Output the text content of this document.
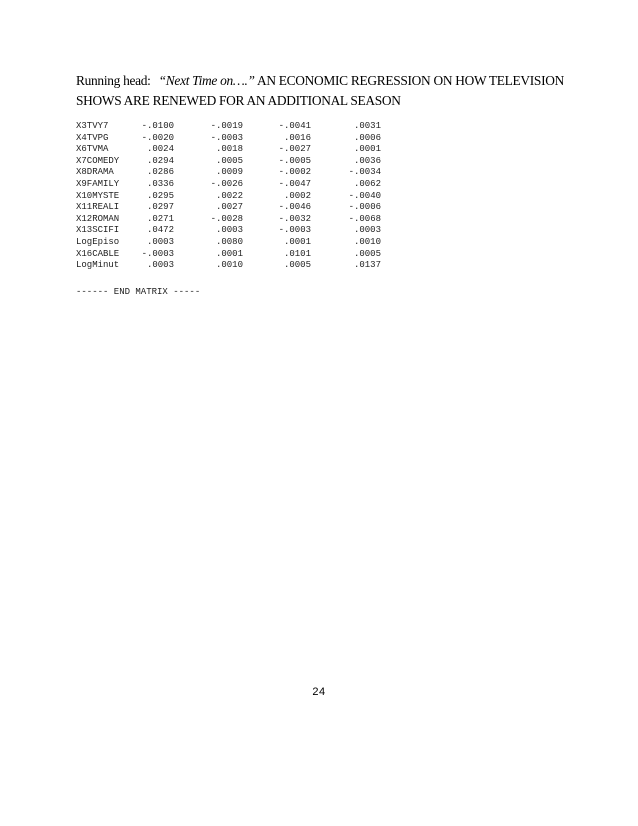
Running head: “Next Time on….” AN ECONOMIC REGRESSION ON HOW TELEVISION
SHOWS ARE RENEWED FOR AN ADDITIONAL SEASON
X3TVY7	-.0100	-.0019	-.0041	.0031
X4TVPG	-.0020	-.0003	.0016	.0006
X6TVMA	.0024	.0018	-.0027	.0001
X7COMEDY	.0294	.0005	-.0005	.0036
X8DRAMA	.0286	.0009	-.0002	-.0034
X9FAMILY	.0336	-.0026	-.0047	.0062
X10MYSTE	.0295	.0022	.0002	-.0040
X11REALI	.0297	.0027	-.0046	-.0006
X12ROMAN	.0271	-.0028	-.0032	-.0068
X13SCIFI	.0472	.0003	-.0003	.0003
LogEpiso	.0003	.0080	.0001	.0010
X16CABLE	-.0003	.0001	.0101	.0005
LogMinut	.0003	.0010	.0005	.0137
------ END MATRIX -----
24
